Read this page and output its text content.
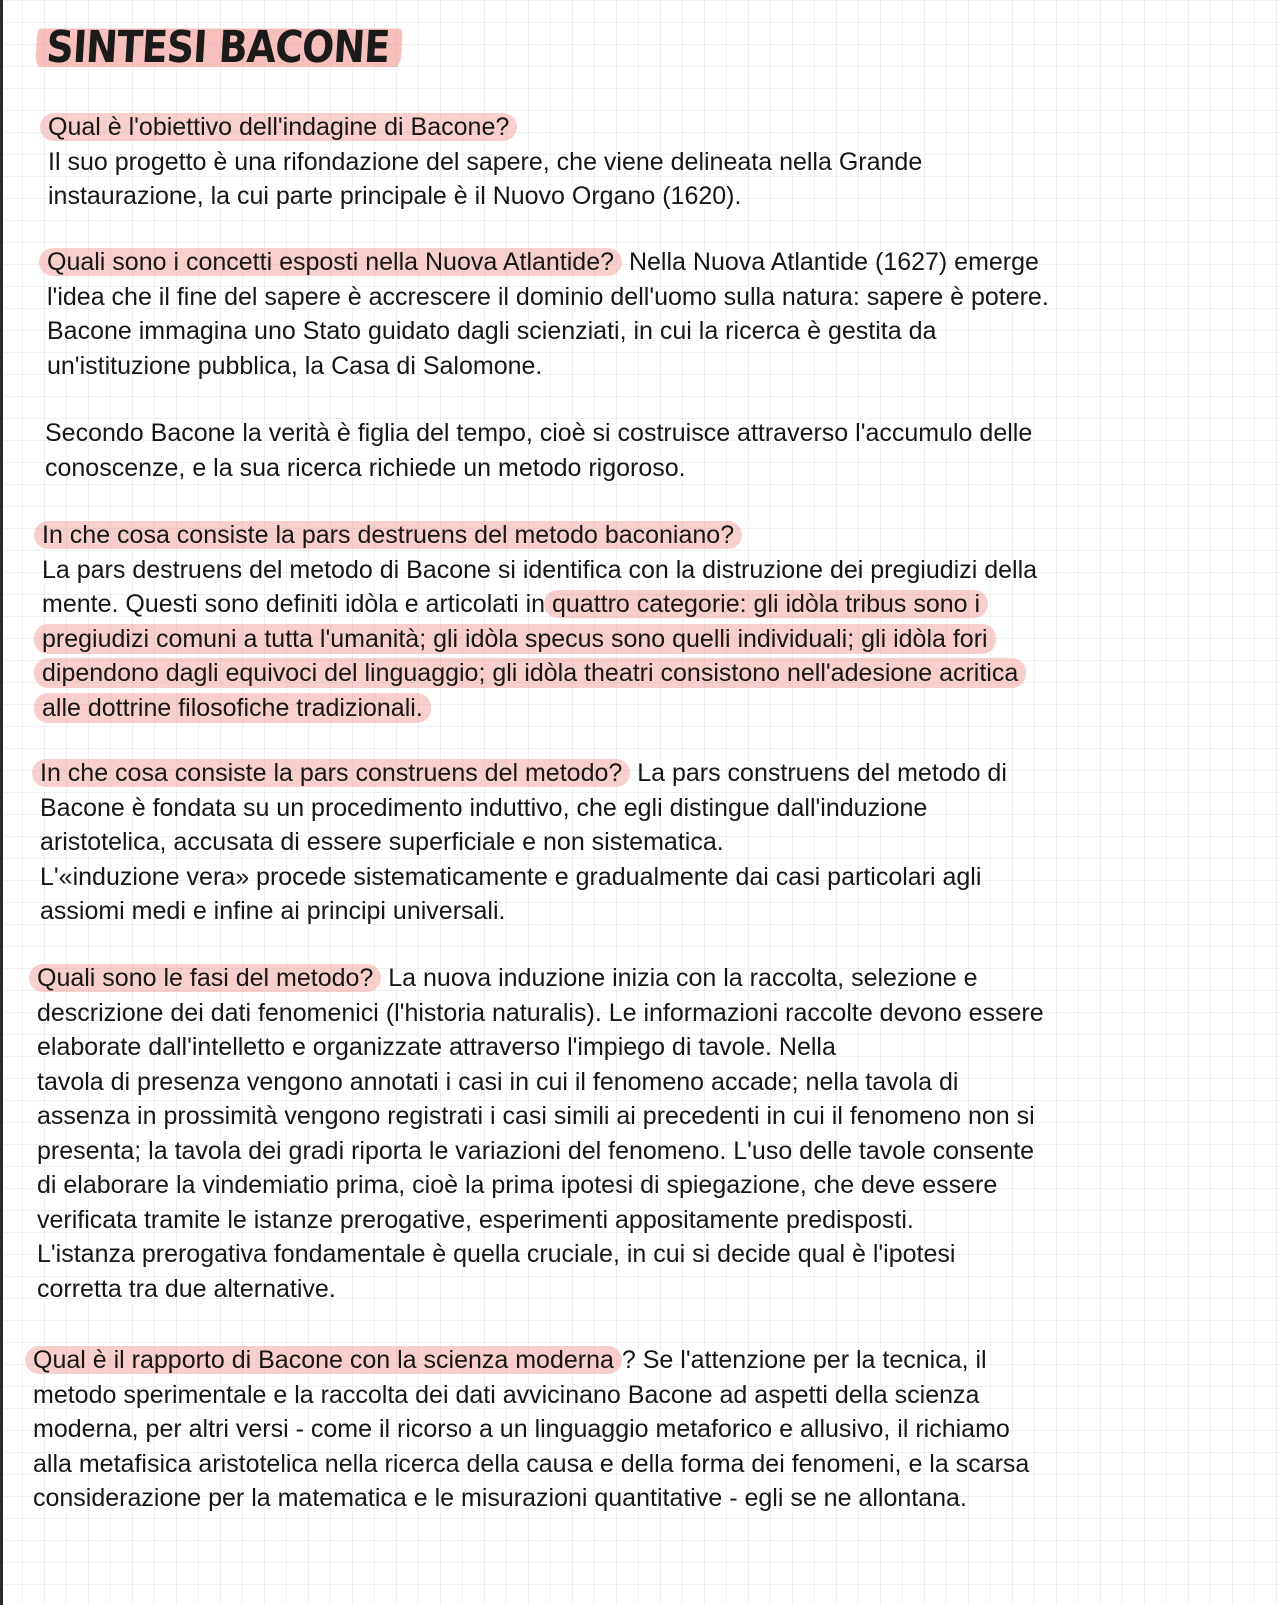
SINTESI BACONE
Qual è l'obiettivo dell'indagine di Bacone?
Il suo progetto è una rifondazione del sapere, che viene delineata nella Grande
instaurazione, la cui parte principale è il Nuovo Organo (1620).
Quali sono i concetti esposti nella Nuova Atlantide? Nella Nuova Atlantide (1627) emerge
l'idea che il fine del sapere è accrescere il dominio dell'uomo sulla natura: sapere è potere.
Bacone immagina uno Stato guidato dagli scienziati, in cui la ricerca è gestita da
un'istituzione pubblica, la Casa di Salomone.
Secondo Bacone la verità è figlia del tempo, cioè si costruisce attraverso l'accumulo delle
conoscenze, e la sua ricerca richiede un metodo rigoroso.
In che cosa consiste la pars destruens del metodo baconiano?
La pars destruens del metodo di Bacone si identifica con la distruzione dei pregiudizi della
mente. Questi sono definiti idòla e articolati in quattro categorie: gli idòla tribus sono i
pregiudizi comuni a tutta l'umanità; gli idòla specus sono quelli individuali; gli idòla fori
dipendono dagli equivoci del linguaggio; gli idòla theatri consistono nell'adesione acritica
alle dottrine filosofiche tradizionali.
In che cosa consiste la pars construens del metodo? La pars construens del metodo di
Bacone è fondata su un procedimento induttivo, che egli distingue dall'induzione
aristotelica, accusata di essere superficiale e non sistematica.
L'«induzione vera» procede sistematicamente e gradualmente dai casi particolari agli
assiomi medi e infine ai principi universali.
Quali sono le fasi del metodo? La nuova induzione inizia con la raccolta, selezione e
descrizione dei dati fenomenici (l'historia naturalis). Le informazioni raccolte devono essere
elaborate dall'intelletto e organizzate attraverso l'impiego di tavole. Nella
tavola di presenza vengono annotati i casi in cui il fenomeno accade; nella tavola di
assenza in prossimità vengono registrati i casi simili ai precedenti in cui il fenomeno non si
presenta; la tavola dei gradi riporta le variazioni del fenomeno. L'uso delle tavole consente
di elaborare la vindemiatio prima, cioè la prima ipotesi di spiegazione, che deve essere
verificata tramite le istanze prerogative, esperimenti appositamente predisposti.
L'istanza prerogativa fondamentale è quella cruciale, in cui si decide qual è l'ipotesi
corretta tra due alternative.
Qual è il rapporto di Bacone con la scienza moderna ? Se l'attenzione per la tecnica, il
metodo sperimentale e la raccolta dei dati avvicinano Bacone ad aspetti della scienza
moderna, per altri versi - come il ricorso a un linguaggio metaforico e allusivo, il richiamo
alla metafisica aristotelica nella ricerca della causa e della forma dei fenomeni, e la scarsa
considerazione per la matematica e le misurazioni quantitative - egli se ne allontana.
